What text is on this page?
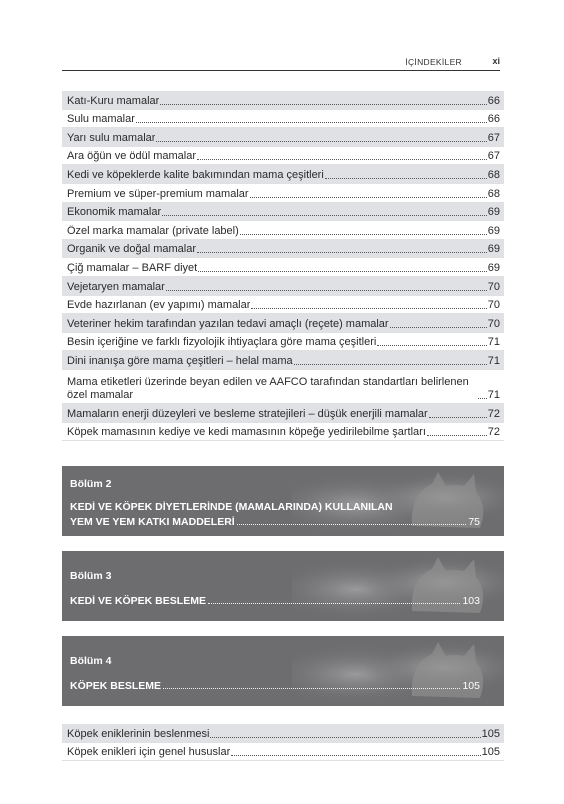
İÇİNDEKİLER	xi
Katı-Kuru mamalar	66
Sulu mamalar	66
Yarı sulu mamalar	67
Ara öğün ve ödül mamalar	67
Kedi ve köpeklerde kalite bakımından mama çeşitleri	68
Premium ve süper-premium mamalar	68
Ekonomik mamalar	69
Özel marka mamalar (private label)	69
Organik ve doğal mamalar	69
Çiğ mamalar – BARF diyet	69
Vejetaryen mamalar	70
Evde hazırlanan (ev yapımı) mamalar	70
Veteriner hekim tarafından yazılan tedavi amaçlı (reçete) mamalar	70
Besin içeriğine ve farklı fizyolojik ihtiyaçlara göre mama çeşitleri	71
Dini inanışa göre mama çeşitleri – helal mama	71
Mama etiketleri üzerinde beyan edilen ve AAFCO tarafından standartları belirlenen özel mamalar	71
Mamaların enerji düzeyleri ve besleme stratejileri – düşük enerjili mamalar	72
Köpek mamasının kediye ve kedi mamasının köpeğe yedirilebilme şartları	72
Bölüm 2
KEDİ VE KÖPEK DİYETLERİNDE (MAMALARINDA) KULLANILAN
YEM VE YEM KATKI MADDELERİ	75
Bölüm 3
KEDİ VE KÖPEK BESLEME	103
Bölüm 4
KÖPEK BESLEME	105
Köpek eniklerinin beslenmesi	105
Köpek enikleri için genel hususlar	105
